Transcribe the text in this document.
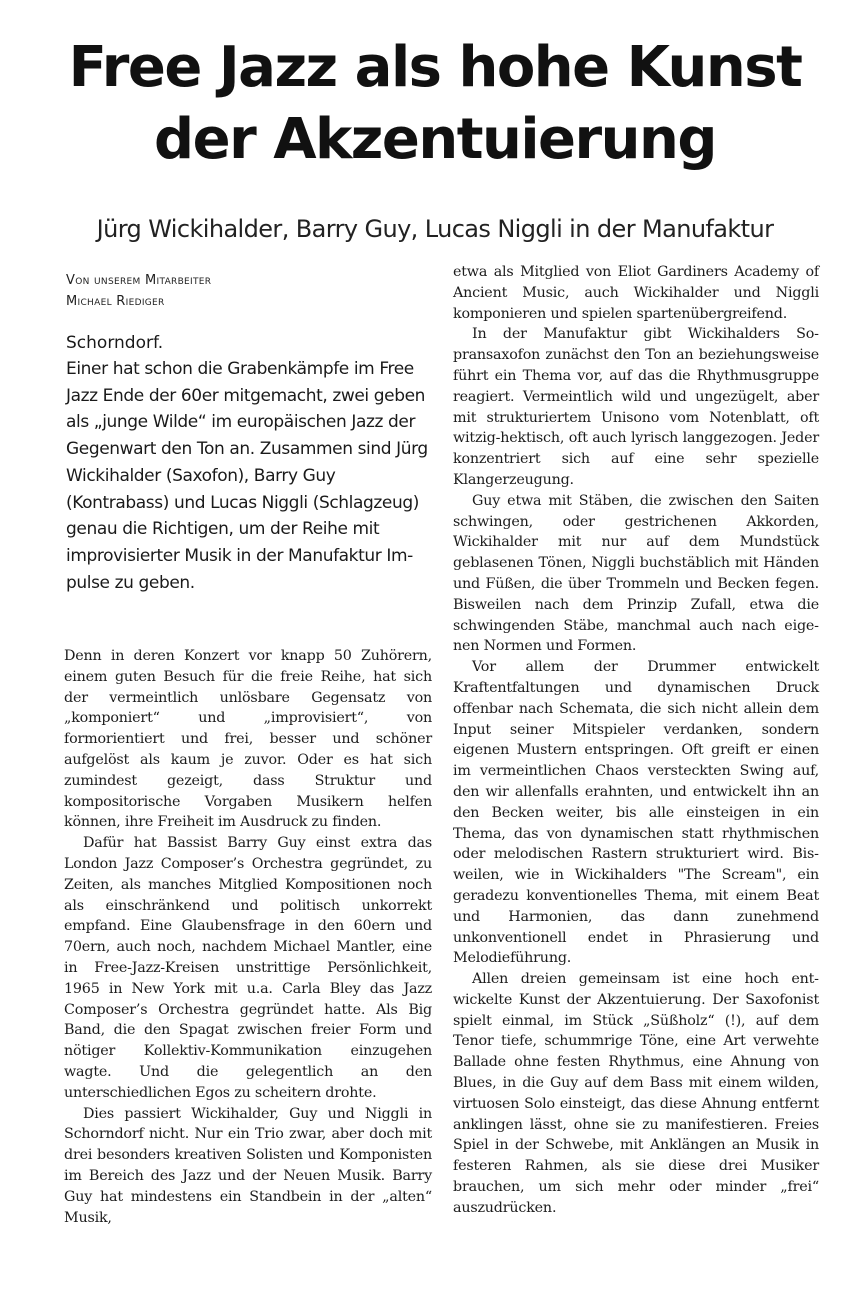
Free Jazz als hohe Kunst
der Akzentuierung
Jürg Wickihalder, Barry Guy, Lucas Niggli in der Manufaktur
Von unserem Mitarbeiter
Michael Riediger
Schorndorf.
Einer hat schon die Grabenkämpfe im Free Jazz Ende der 60er mitgemacht, zwei geben als „junge Wilde“ im europäischen Jazz der Gegenwart den Ton an. Zusammen sind Jürg Wickihalder (Saxofon), Barry Guy (Kontrabass) und Lucas Niggli (Schlagzeug) genau die Richtigen, um der Reihe mit improvisierter Musik in der Manufaktur Impulse zu geben.

Denn in deren Konzert vor knapp 50 Zuhörern, einem guten Besuch für die freie Reihe, hat sich der vermeintlich unlösbare Gegensatz von „komponiert“ und „improvisiert“, von formorientiert und frei, besser und schöner aufgelöst als kaum je zuvor. Oder es hat sich zumindest gezeigt, dass Struktur und kompositorische Vorgaben Musikern helfen können, ihre Freiheit im Ausdruck zu finden.

Dafür hat Bassist Barry Guy einst extra das London Jazz Composer’s Orchestra gegründet, zu Zeiten, als manches Mitglied Kompositionen noch als einschränkend und politisch unkorrekt empfand. Eine Glaubensfrage in den 60ern und 70ern, auch noch, nachdem Michael Mantler, eine in Free-Jazz-Kreisen unstrittige Persönlichkeit, 1965 in New York mit u.a. Carla Bley das Jazz Composer’s Orchestra gegründet hatte. Als Big Band, die den Spagat zwischen freier Form und nötiger Kollektiv-Kommunikation einzugehen wagte. Und die gelegentlich an den unterschiedlichen Egos zu scheitern drohte.

Dies passiert Wickihalder, Guy und Niggli in Schorndorf nicht. Nur ein Trio zwar, aber doch mit drei besonders kreativen Solisten und Komponisten im Bereich des Jazz und der Neuen Musik. Barry Guy hat mindestens ein Standbein in der „alten“ Musik,

etwa als Mitglied von Eliot Gardiners Academy of Ancient Music, auch Wickihalder und Niggli komponieren und spielen spartenübergreifend.

In der Manufaktur gibt Wickihalders Sopransaxofon zunächst den Ton an beziehungsweise führt ein Thema vor, auf das die Rhythmusgruppe reagiert. Vermeintlich wild und ungezügelt, aber mit strukturiertem Unisono vom Notenblatt, oft witzig-hektisch, oft auch lyrisch langgezogen. Jeder konzentriert sich auf eine sehr spezielle Klangerzeugung.

Guy etwa mit Stäben, die zwischen den Saiten schwingen, oder gestrichenen Akkorden, Wickihalder mit nur auf dem Mundstück geblasenen Tönen, Niggli buchstäblich mit Händen und Füßen, die über Trommeln und Becken fegen. Bisweilen nach dem Prinzip Zufall, etwa die schwingenden Stäbe, manchmal auch nach eigenen Normen und Formen.

Vor allem der Drummer entwickelt Kraftentfaltungen und dynamischen Druck offenbar nach Schemata, die sich nicht allein dem Input seiner Mitspieler verdanken, sondern eigenen Mustern entspringen. Oft greift er einen im vermeintlichen Chaos versteckten Swing auf, den wir allenfalls erahnten, und entwickelt ihn an den Becken weiter, bis alle einsteigen in ein Thema, das von dynamischen statt rhythmischen oder melodischen Rastern strukturiert wird. Bisweilen, wie in Wickihalders "The Scream", ein geradezu konventionelles Thema, mit einem Beat und Harmonien, das dann zunehmend unkonventionell endet in Phrasierung und Melodieführung.

Allen dreien gemeinsam ist eine hoch entwickelte Kunst der Akzentuierung. Der Saxofonist spielt einmal, im Stück „Süßholz“ (!), auf dem Tenor tiefe, schummrige Töne, eine Art verwehte Ballade ohne festen Rhythmus, eine Ahnung von Blues, in die Guy auf dem Bass mit einem wilden, virtuosen Solo einsteigt, das diese Ahnung entfernt anklingen lässt, ohne sie zu manifestieren. Freies Spiel in der Schwebe, mit Anklängen an Musik in festeren Rahmen, als sie diese drei Musiker brauchen, um sich mehr oder minder „frei“ auszudrücken.
